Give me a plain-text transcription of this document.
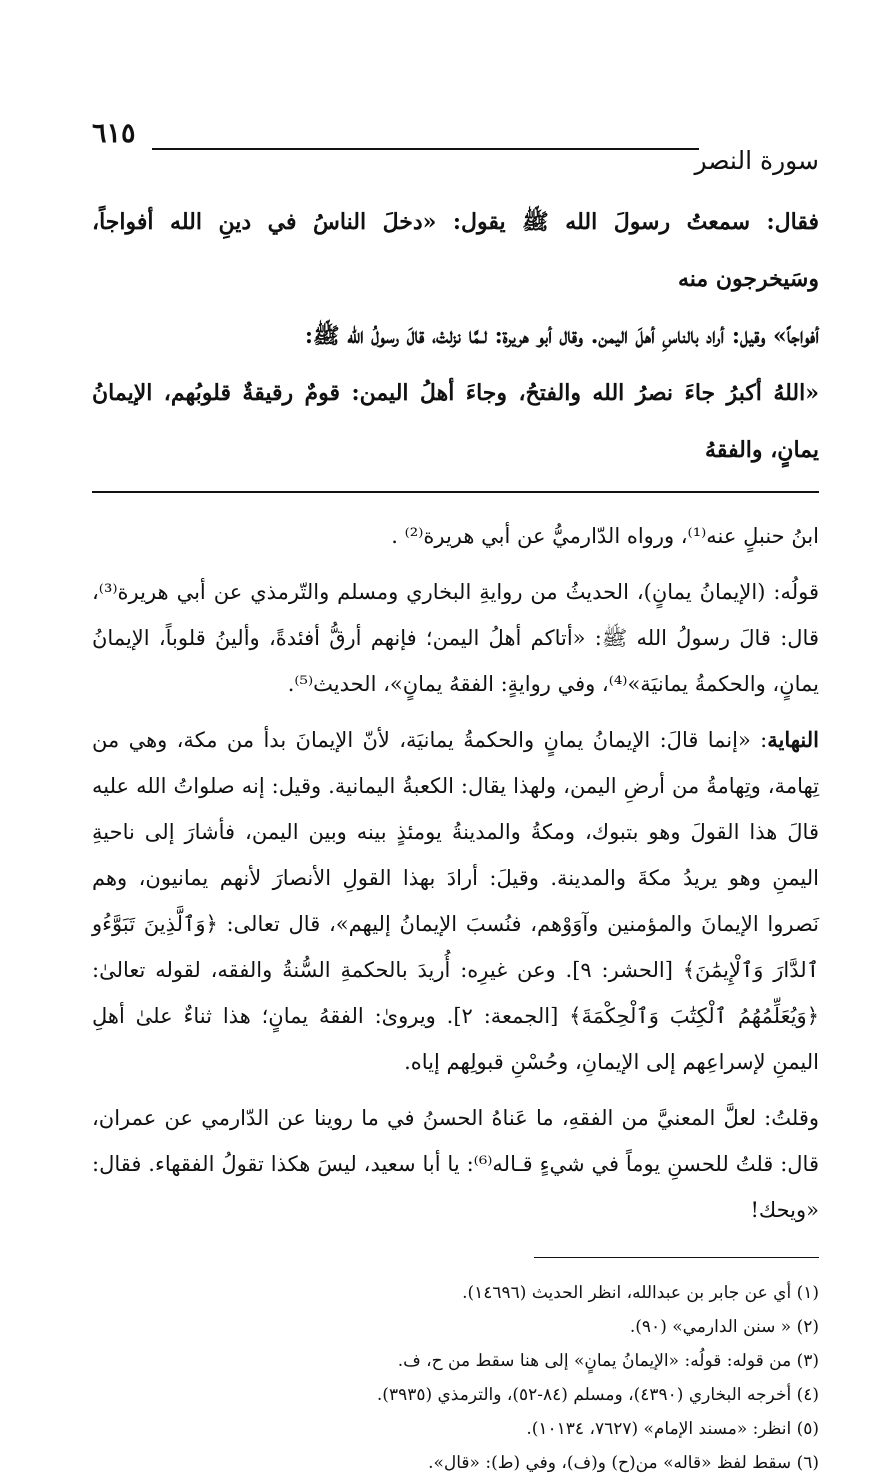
٦١٥
سورة النصر

فقال: سمعتُ رسولَ الله ﷺ يقول: «دخلَ الناسُ في دينِ الله أفواجاً، وسَيخرجون منه

أفواجاً» وقيل: أراد بالناسِ أهلَ اليمن. وقال أبو هريرة: لـمَّا نزلتْ، قالَ رسولُ الله ﷺ:

«اللهُ أكبرُ جاءَ نصرُ الله والفتحُ، وجاءَ أهلُ اليمن: قومٌ رقيقةٌ قلوبُهم، الإيمانُ يمانٍ، والفقهُ

ابنُ حنبلٍ عنه⁽¹⁾، ورواه الدّارميُّ عن أبي هريرة⁽²⁾ .

قولُه: (الإيمانُ يمانٍ)، الحديثُ من روايةِ البخاري ومسلم والتّرمذي عن أبي هريرة⁽³⁾، قال: قالَ رسولُ الله ﷺ: «أتاكم أهلُ اليمن؛ فإنهم أرقُّ أفئدةً، وألينُ قلوباً، الإيمانُ يمانٍ، والحكمةُ يمانيَة»⁽⁴⁾، وفي روايةٍ: الفقهُ يمانٍ»، الحديث⁽⁵⁾.

النهاية: «إنما قالَ: الإيمانُ يمانٍ والحكمةُ يمانيَة، لأنّ الإيمانَ بدأ من مكة، وهي من تِهامة، وتِهامةُ من أرضِ اليمن، ولهذا يقال: الكعبةُ اليمانية. وقيل: إنه صلواتُ الله عليه قالَ هذا القولَ وهو بتبوك، ومكةُ والمدينةُ يومئذٍ بينه وبين اليمن، فأشارَ إلى ناحيةِ اليمنِ وهو يريدُ مكةَ والمدينة. وقيلَ: أرادَ بهذا القولِ الأنصارَ لأنهم يمانيون، وهم نَصروا الإيمانَ والمؤمنين وآوَوْهم، فنُسبَ الإيمانُ إليهم»، قال تعالى: ﴿وَٱلَّذِينَ تَبَوَّءُو ٱلدَّارَ وَٱلْإِيمَٰنَ﴾ [الحشر: ٩]. وعن غيرِه: أُريدَ بالحكمةِ السُّنةُ والفقه، لقوله تعالىٰ: ﴿وَيُعَلِّمُهُمُ ٱلْكِتَٰبَ وَٱلْحِكْمَةَ﴾ [الجمعة: ٢]. ويروىٰ: الفقهُ يمانٍ؛ هذا ثناءٌ علىٰ أهلِ اليمنِ لإسراعِهم إلى الإيمانِ، وحُسْنِ قبولِهم إياه.

وقلتُ: لعلَّ المعنيَّ من الفقهِ، ما عَناهُ الحسنُ في ما روينا عن الدّارمي عن عمران، قال: قلتُ للحسنِ يوماً في شيءٍ قـاله⁽⁶⁾: يا أبا سعيد، ليسَ هكذا تقولُ الفقهاء. فقال: «ويحك!

(١) أي عن جابر بن عبدالله، انظر الحديث (١٤٦٩٦).
(٢) « سنن الدارمي» (٩٠).
(٣) من قوله: قولُه: «الإيمانُ يمانٍ» إلى هنا سقط من ح، ف.
(٤) أخرجه البخاري (٤٣٩٠)، ومسلم (٨٤-٥٢)، والترمذي (٣٩٣٥).
(٥) انظر: «مسند الإمام» (٧٦٢٧، ١٠١٣٤).
(٦) سقط لفظ «قاله» من(ح) و(ف)، وفي (ط): «قال».
